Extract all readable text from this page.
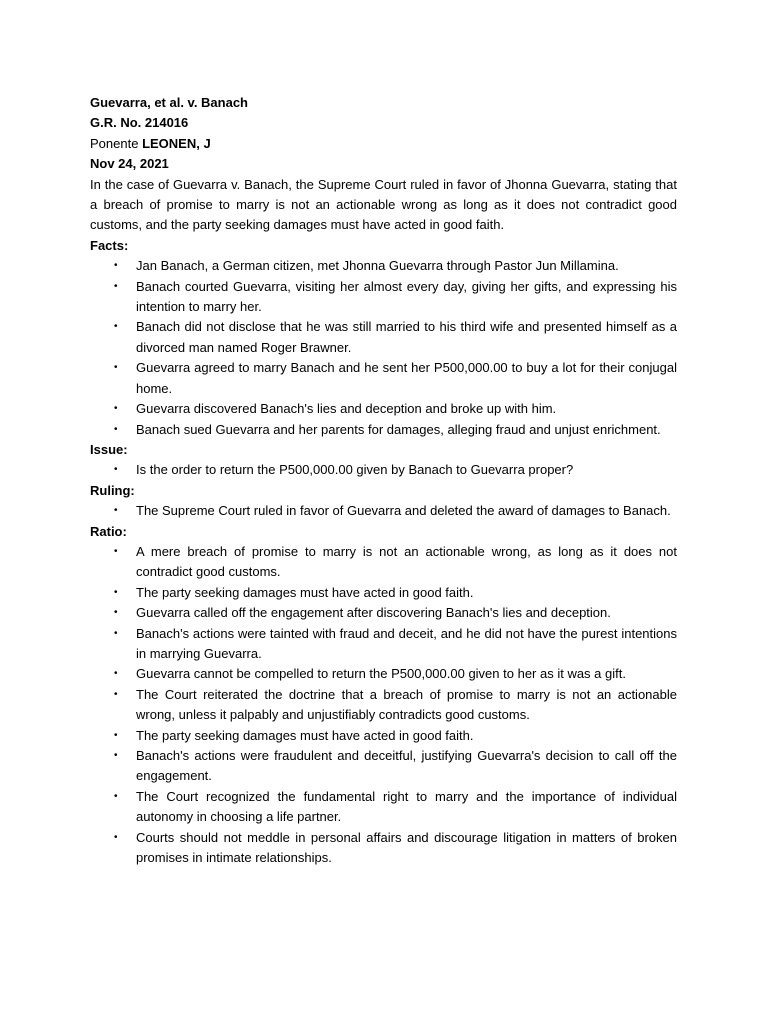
Guevarra, et al. v. Banach

G.R. No. 214016

Ponente LEONEN, J

Nov 24, 2021

In the case of Guevarra v. Banach, the Supreme Court ruled in favor of Jhonna Guevarra, stating that a breach of promise to marry is not an actionable wrong as long as it does not contradict good customs, and the party seeking damages must have acted in good faith.

Facts:

• Jan Banach, a German citizen, met Jhonna Guevarra through Pastor Jun Millamina.
• Banach courted Guevarra, visiting her almost every day, giving her gifts, and expressing his intention to marry her.
• Banach did not disclose that he was still married to his third wife and presented himself as a divorced man named Roger Brawner.
• Guevarra agreed to marry Banach and he sent her P500,000.00 to buy a lot for their conjugal home.
• Guevarra discovered Banach's lies and deception and broke up with him.
• Banach sued Guevarra and her parents for damages, alleging fraud and unjust enrichment.

Issue:

• Is the order to return the P500,000.00 given by Banach to Guevarra proper?

Ruling:

• The Supreme Court ruled in favor of Guevarra and deleted the award of damages to Banach.

Ratio:

• A mere breach of promise to marry is not an actionable wrong, as long as it does not contradict good customs.
• The party seeking damages must have acted in good faith.
• Guevarra called off the engagement after discovering Banach's lies and deception.
• Banach's actions were tainted with fraud and deceit, and he did not have the purest intentions in marrying Guevarra.
• Guevarra cannot be compelled to return the P500,000.00 given to her as it was a gift.
• The Court reiterated the doctrine that a breach of promise to marry is not an actionable wrong, unless it palpably and unjustifiably contradicts good customs.
• The party seeking damages must have acted in good faith.
• Banach's actions were fraudulent and deceitful, justifying Guevarra's decision to call off the engagement.
• The Court recognized the fundamental right to marry and the importance of individual autonomy in choosing a life partner.
• Courts should not meddle in personal affairs and discourage litigation in matters of broken promises in intimate relationships.
